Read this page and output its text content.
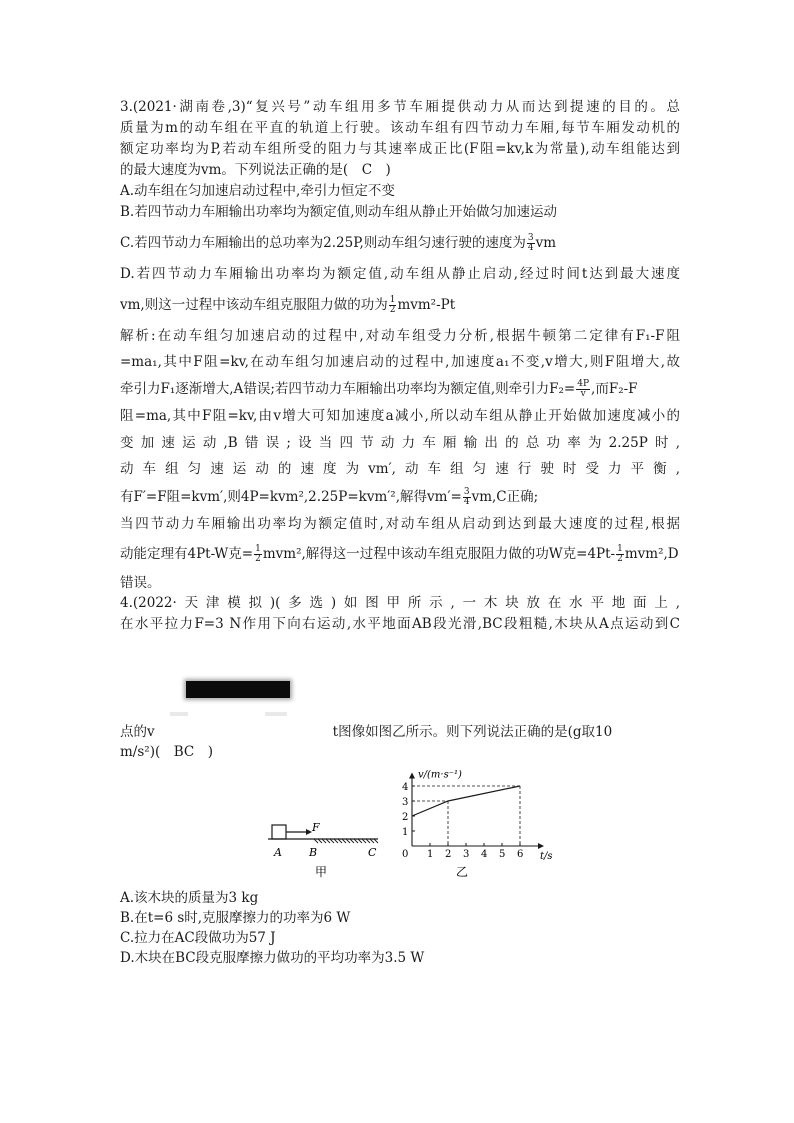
3.(2021·湖南卷,3)“复兴号”动车组用多节车厢提供动力从而达到提速的目的。总
质量为m的动车组在平直的轨道上行驶。该动车组有四节动力车厢,每节车厢发动机的
额定功率均为P,若动车组所受的阻力与其速率成正比(F阻=kv,k为常量),动车组能达到
的最大速度为vm。下列说法正确的是(　C　)
A.动车组在匀加速启动过程中,牵引力恒定不变
B.若四节动力车厢输出功率均为额定值,则动车组从静止开始做匀加速运动
C.若四节动力车厢输出的总功率为2.25P,则动车组匀速行驶的速度为 $\frac{3}{4}$ vm
D.若四节动力车厢输出功率均为额定值,动车组从静止启动,经过时间t达到最大速度
vm,则这一过程中该动车组克服阻力做的功为 $\frac{1}{2} mvm^2-Pt$
解析:在动车组匀加速启动的过程中,对动车组受力分析,根据牛顿第二定律有F₁-F阻
=ma₁,其中F阻=kv,在动车组匀加速启动的过程中,加速度a₁不变,v增大,则F阻增大,故
牵引力F₁逐渐增大,A错误;若四节动力车厢输出功率均为额定值,则牵引力$F_2= \frac{4P}{v}$ ,而F₂-F
阻=ma,其中F阻=kv,由v增大可知加速度a减小,所以动车组从静止开始做加速度减小的
变加速运动,B错误;设当四节动力车厢输出的总功率为2.25P时,
动车组匀速运动的速度为vm′,动车组匀速行驶时受力平衡,
有F′=F阻=kvm′,则4P=kvm²,2.25P=kvm′²,解得$vm'= \frac{3}{4} vm,C$正确;
当四节动力车厢输出功率均为额定值时,对动车组从启动到达到最大速度的过程,根据
动能定理有4Pt-W克= $\frac{1}{2} mvm^2$,解得这一过程中该动车组克服阻力做的功W克$=4Pt- \frac{1}{2} mvm^2,D$
错误。
4.(2022·天津模拟)(多选)如图甲所示,一木块放在水平地面上,
在水平拉力F=3 N作用下向右运动,水平地面AB段光滑,BC段粗糙,木块从A点运动到C
点的v	t图像如图乙所示。则下列说法正确的是(g取10
m/s²)(　BC　)
F
A B	C
甲
v/(m·s⁻¹)
t/s
0
1
2
3
4
1 2 3 4 5 6
乙
A.该木块的质量为3 kg
B.在t=6 s时,克服摩擦力的功率为6 W
C.拉力在AC段做功为57 J
D.木块在BC段克服摩擦力做功的平均功率为3.5 W
